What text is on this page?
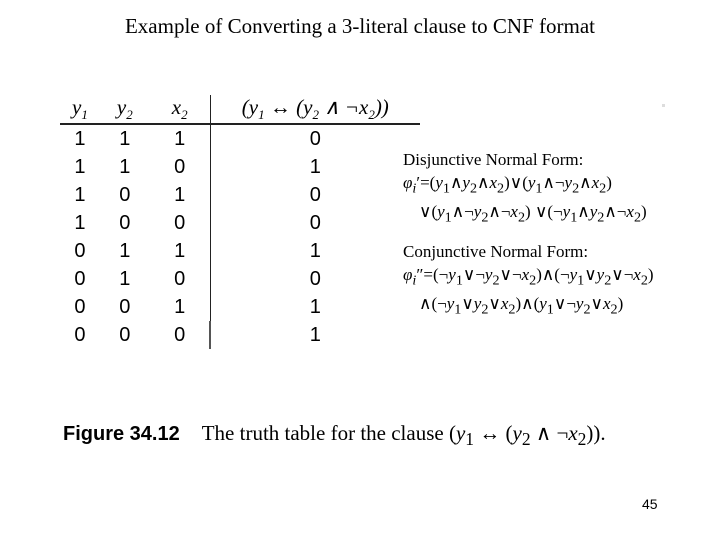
Example of Converting a 3-literal clause to CNF format
$y_1$	$y_2$	$x_2$	($y_1$ ↔ ($y_2$ ∧ $\neg x_2$))
1	1	1	0
1	1	0	1
1	0	1	0
1	0	0	0
0	1	1	1
0	1	0	0
0	0	1	1
0	0	0	1
Disjunctive Normal Form:
$\varphi_i'=(y_1\wedge y_2\wedge x_2)\vee(y_1\wedge\neg y_2\wedge x_2)$
$\vee(y_1\wedge\neg y_2\wedge\neg x_2)$ $\vee(\neg y_1\wedge y_2\wedge\neg x_2)$
Conjunctive Normal Form:
$\varphi_i''=(\neg y_1\vee\neg y_2\vee\neg x_2)\wedge(\neg y_1\vee y_2\vee\neg x_2)$
$\wedge(\neg y_1\vee y_2\vee x_2)\wedge(y_1\vee\neg y_2\vee x_2)$
Figure 34.12 The truth table for the clause ($y_1$ ↔ ($y_2$ ∧ $\neg x_2$)).
45
